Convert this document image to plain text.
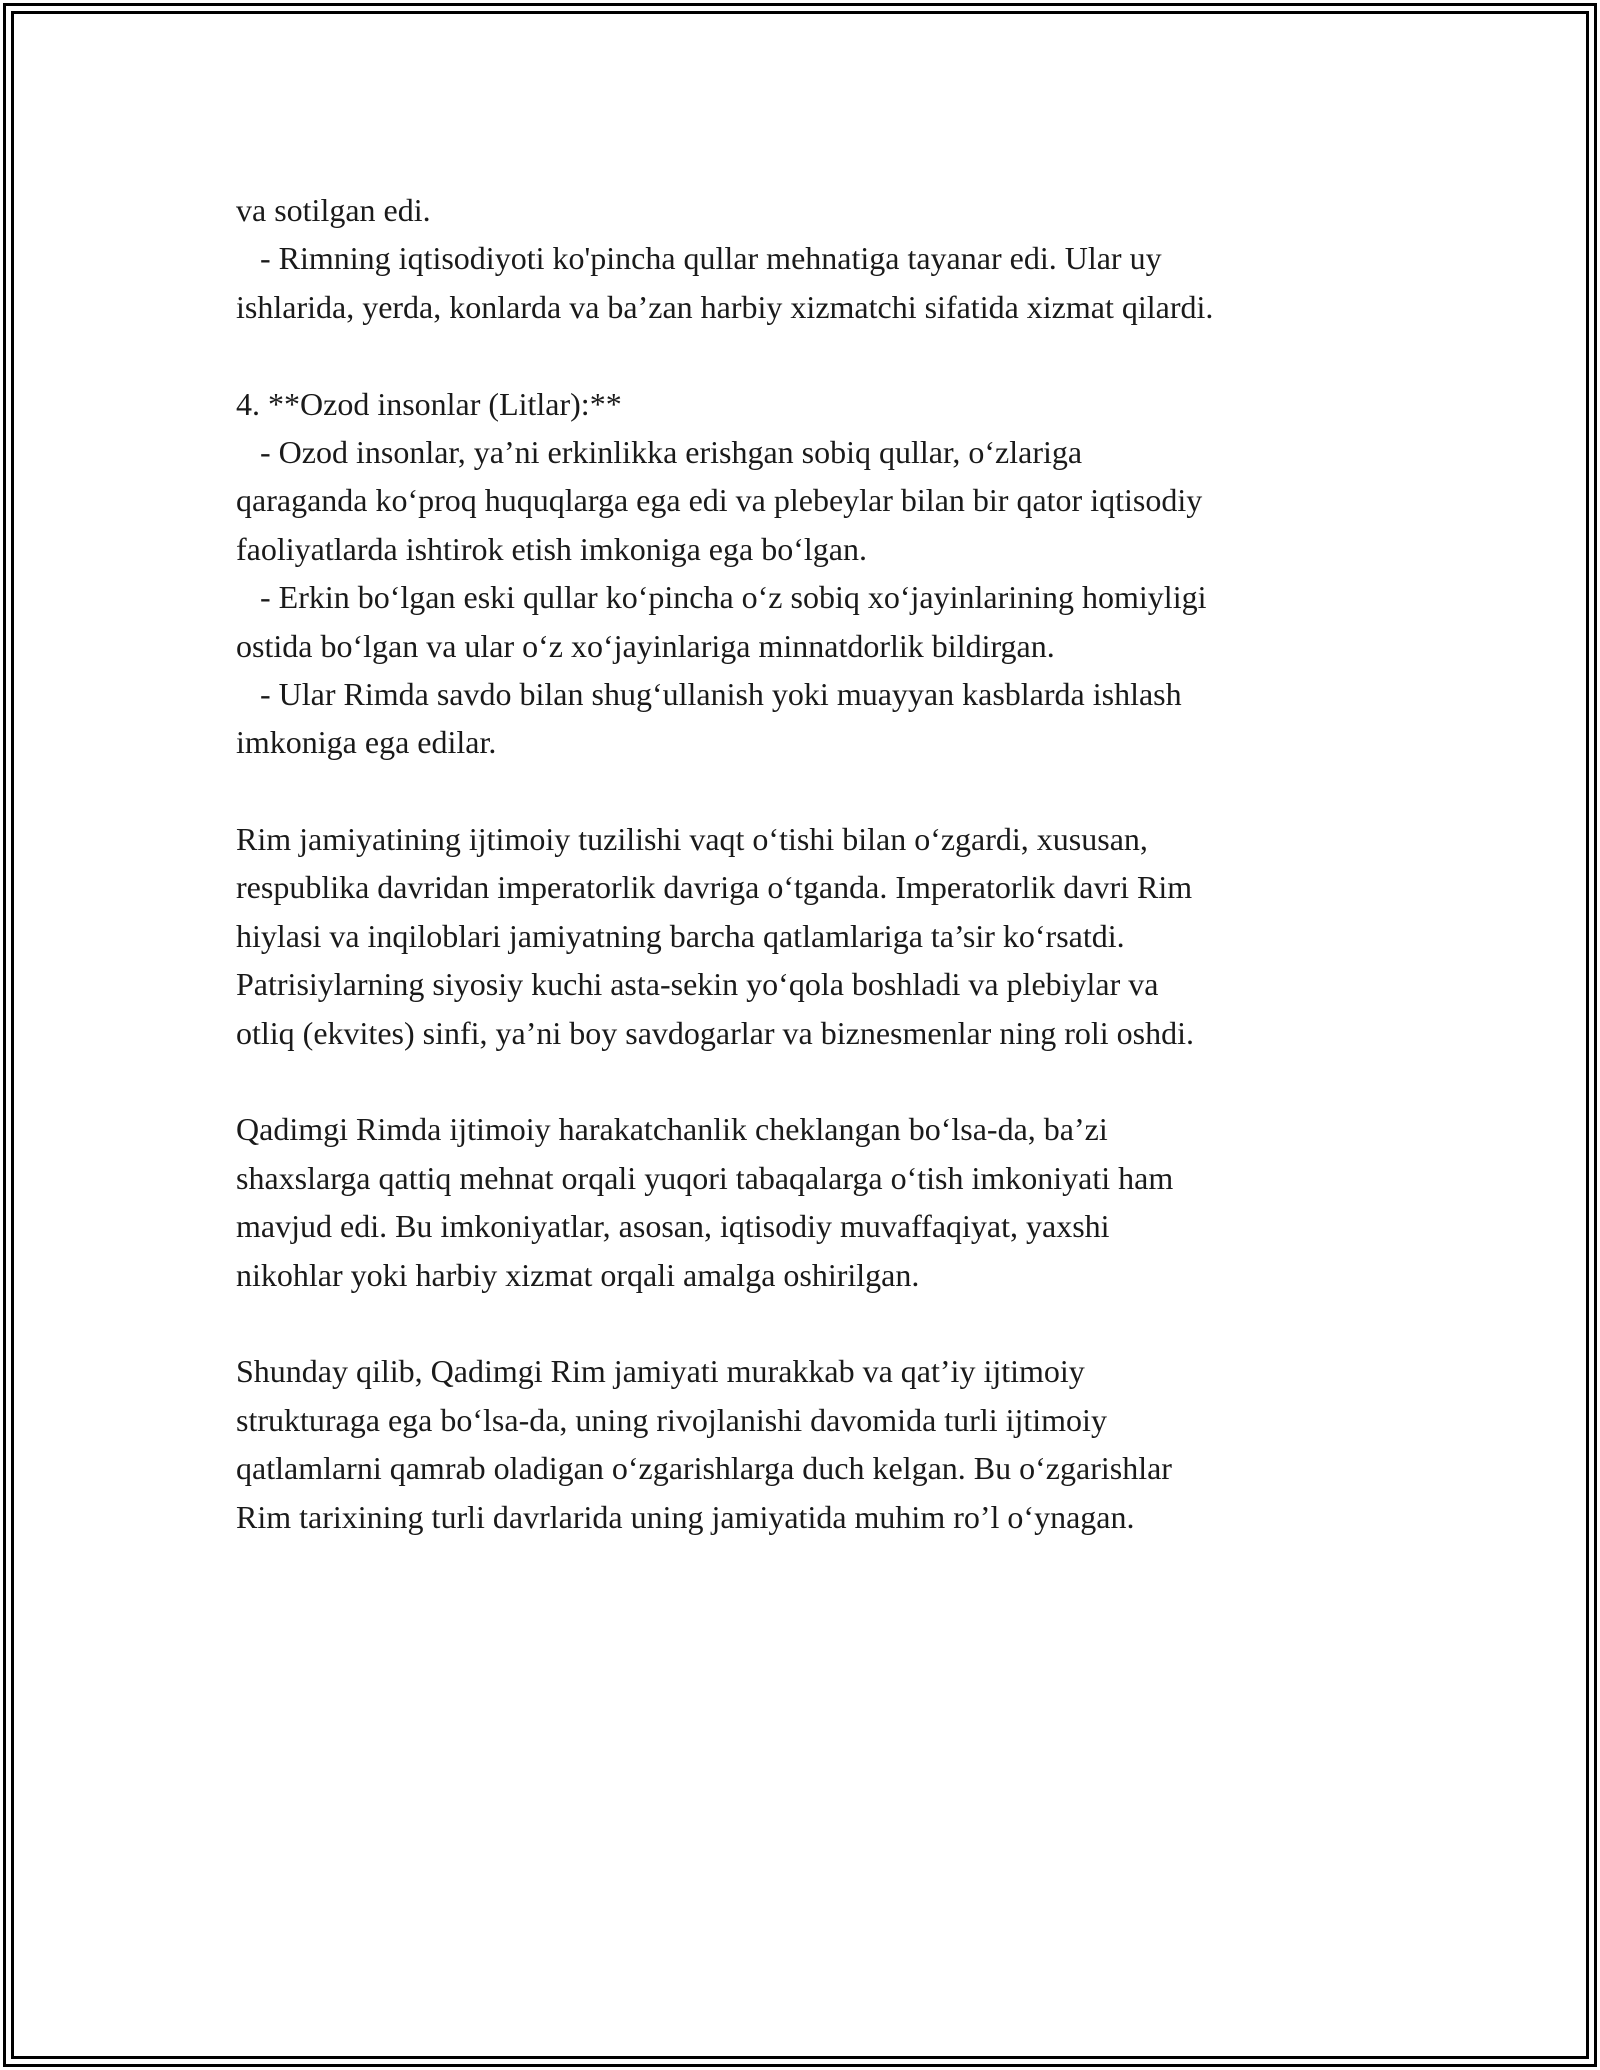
va sotilgan edi.

- Rimning iqtisodiyoti ko'pincha qullar mehnatiga tayanar edi. Ular uy

ishlarida, yerda, konlarda va ba’zan harbiy xizmatchi sifatida xizmat qilardi.

4. **Ozod insonlar (Litlar):**

- Ozod insonlar, ya’ni erkinlikka erishgan sobiq qullar, o‘zlariga

qaraganda ko‘proq huquqlarga ega edi va plebeylar bilan bir qator iqtisodiy

faoliyatlarda ishtirok etish imkoniga ega bo‘lgan.

- Erkin bo‘lgan eski qullar ko‘pincha o‘z sobiq xo‘jayinlarining homiyligi

ostida bo‘lgan va ular o‘z xo‘jayinlariga minnatdorlik bildirgan.

- Ular Rimda savdo bilan shug‘ullanish yoki muayyan kasblarda ishlash

imkoniga ega edilar.

Rim jamiyatining ijtimoiy tuzilishi vaqt o‘tishi bilan o‘zgardi, xususan,

respublika davridan imperatorlik davriga o‘tganda. Imperatorlik davri Rim

hiylasi va inqiloblari jamiyatning barcha qatlamlariga ta’sir ko‘rsatdi.

Patrisiylarning siyosiy kuchi asta-sekin yo‘qola boshladi va plebiylar va

otliq (ekvites) sinfi, ya’ni boy savdogarlar va biznesmenlar ning roli oshdi.

Qadimgi Rimda ijtimoiy harakatchanlik cheklangan bo‘lsa-da, ba’zi

shaxslarga qattiq mehnat orqali yuqori tabaqalarga o‘tish imkoniyati ham

mavjud edi. Bu imkoniyatlar, asosan, iqtisodiy muvaffaqiyat, yaxshi

nikohlar yoki harbiy xizmat orqali amalga oshirilgan.

Shunday qilib, Qadimgi Rim jamiyati murakkab va qat’iy ijtimoiy

strukturaga ega bo‘lsa-da, uning rivojlanishi davomida turli ijtimoiy

qatlamlarni qamrab oladigan o‘zgarishlarga duch kelgan. Bu o‘zgarishlar

Rim tarixining turli davrlarida uning jamiyatida muhim ro’l o‘ynagan.
